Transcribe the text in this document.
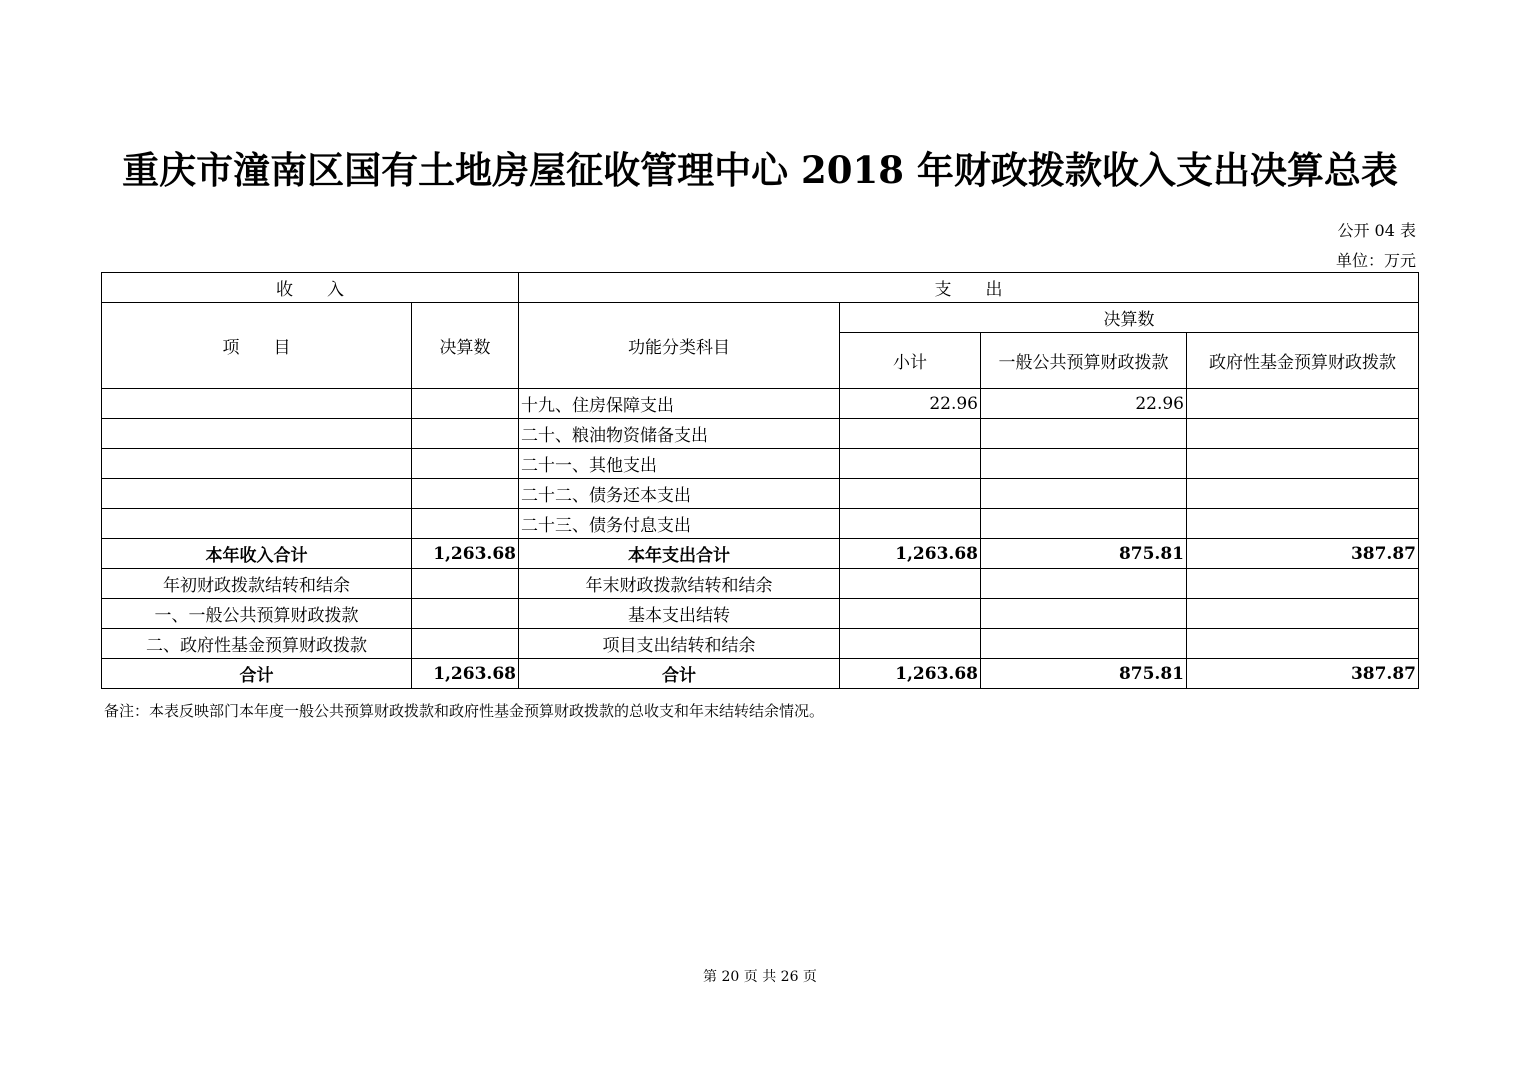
重庆市潼南区国有土地房屋征收管理中心 2018 年财政拨款收入支出决算总表
公开 04 表
单位：万元
收　　入		支　　出			
项　　目	决算数	功能分类科目	决算数		
			小计	一般公共预算财政拨款	政府性基金预算财政拨款
		十九、住房保障支出	22.96	22.96	
		二十、粮油物资储备支出			
		二十一、其他支出			
		二十二、债务还本支出			
		二十三、债务付息支出			
本年收入合计	1,263.68	本年支出合计	1,263.68	875.81	387.87
年初财政拨款结转和结余		年末财政拨款结转和结余			
一、一般公共预算财政拨款		基本支出结转			
二、政府性基金预算财政拨款		项目支出结转和结余			
合计	1,263.68	合计	1,263.68	875.81	387.87
备注：本表反映部门本年度一般公共预算财政拨款和政府性基金预算财政拨款的总收支和年末结转结余情况。
第 20 页 共 26 页
